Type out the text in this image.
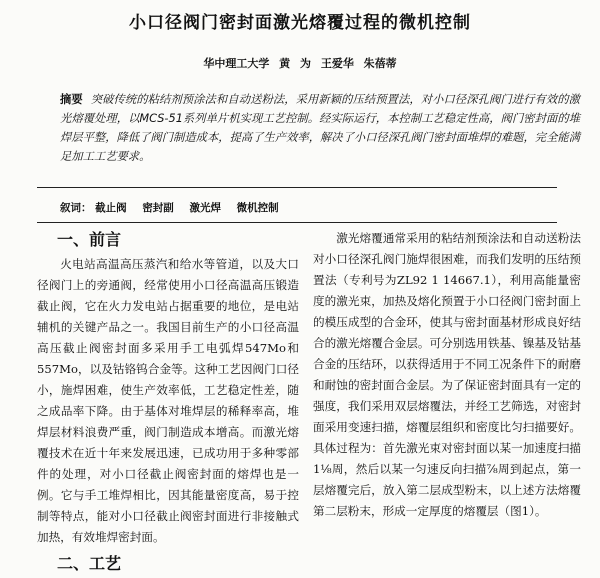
小口径阀门密封面激光熔覆过程的微机控制
华中理工大学 黄 为 王爱华 朱蓓蒂
摘要 突破传统的粘结剂预涂法和自动送粉法，采用新颖的压结预置法，对小口径深孔阀门进行有效的激光熔覆处理，以MCS-51系列单片机实现工艺控制。经实际运行，本控制工艺稳定性高，阀门密封面的堆焊层平整，降低了阀门制造成本，提高了生产效率，解决了小口径深孔阀门密封面堆焊的难题，完全能满足加工工艺要求。
叙词： 截止阀 密封副 激光焊 微机控制
一、前言

火电站高温高压蒸汽和给水等管道，以及大口径阀门上的旁通阀，经常使用小口径高温高压锻造截止阀，它在火力发电站占据重要的地位，是电站辅机的关键产品之一。我国目前生产的小口径高温高压截止阀密封面多采用手工电弧焊547Mo和557Mo，以及钴铬钨合金等。这种工艺因阀门口径小，施焊困难，使生产效率低，工艺稳定性差，随之成品率下降。由于基体对堆焊层的稀释率高，堆焊层材料浪费严重，阀门制造成本增高。而激光熔覆技术在近十年来发展迅速，已成功用于多种零部件的处理，对小口径截止阀密封面的熔焊也是一例。它与手工堆焊相比，因其能量密度高，易于控制等特点，能对小口径截止阀密封面进行非接触式加热，有效堆焊密封面。

二、工艺

激光熔覆通常采用的粘结剂预涂法和自动送粉法对小口径深孔阀门施焊很困难，而我们发明的压结预置法（专利号为ZL92 1 14667.1），利用高能量密度的激光束，加热及熔化预置于小口径阀门密封面上的模压成型的合金环，使其与密封面基材形成良好结合的激光熔覆合金层。可分别选用铁基、镍基及钴基合金的压结环，以获得适用于不同工况条件下的耐磨和耐蚀的密封面合金层。为了保证密封面具有一定的强度，我们采用双层熔覆法，并经工艺筛选，对密封面采用变速扫描，熔覆层组织和密度比匀扫描要好。具体过程为：首先激光束对密封面以某一加速度扫描1⅛周，然后以某一匀速反向扫描⅞周到起点，第一层熔覆完后，放入第二层成型粉末，以上述方法熔覆第二层粉末，形成一定厚度的熔覆层（图1）。
